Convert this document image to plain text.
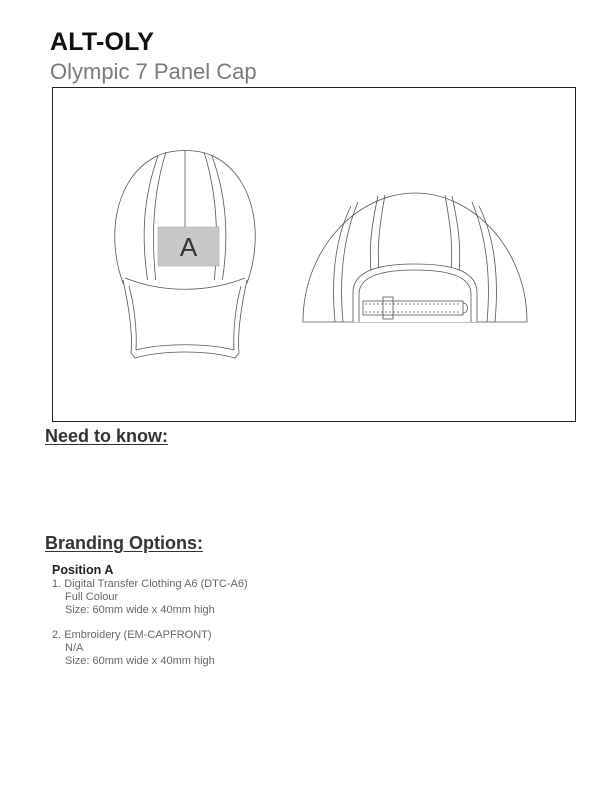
ALT-OLY
Olympic 7 Panel Cap
A
Need to know:
Branding Options:
Position A
1. Digital Transfer Clothing A6 (DTC-A6)
Full Colour
Size: 60mm wide x 40mm high
2. Embroidery (EM-CAPFRONT)
N/A
Size: 60mm wide x 40mm high
